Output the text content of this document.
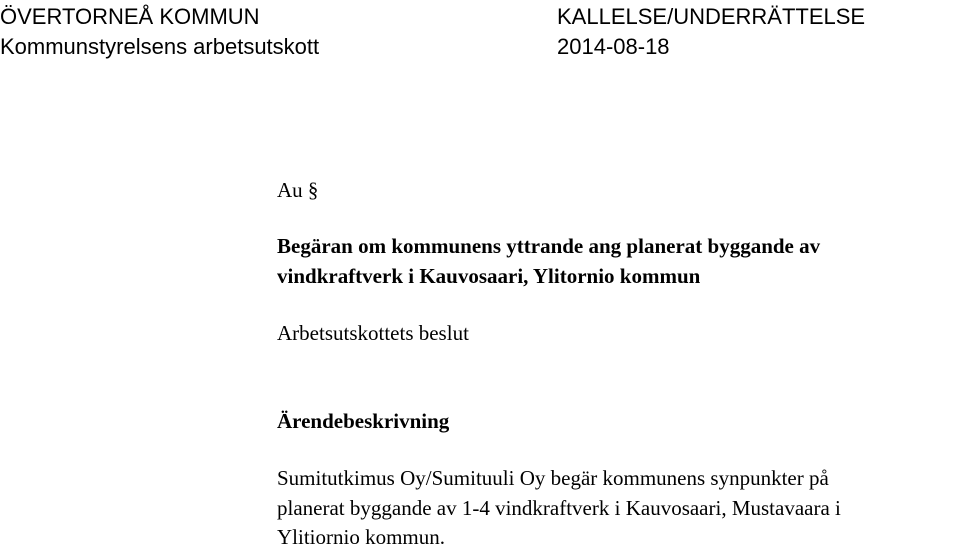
ÖVERTORNEÅ KOMMUN
Kommunstyrelsens arbetsutskott
KALLELSE/UNDERRÄTTELSE
2014-08-18
Au §
Begäran om kommunens yttrande ang planerat byggande av
vindkraftverk i Kauvosaari, Ylitornio kommun
Arbetsutskottets beslut
Ärendebeskrivning
Sumitutkimus Oy/Sumituuli Oy begär kommunens synpunkter på
planerat byggande av 1-4 vindkraftverk i Kauvosaari, Mustavaara i
Ylitiornio kommun.
